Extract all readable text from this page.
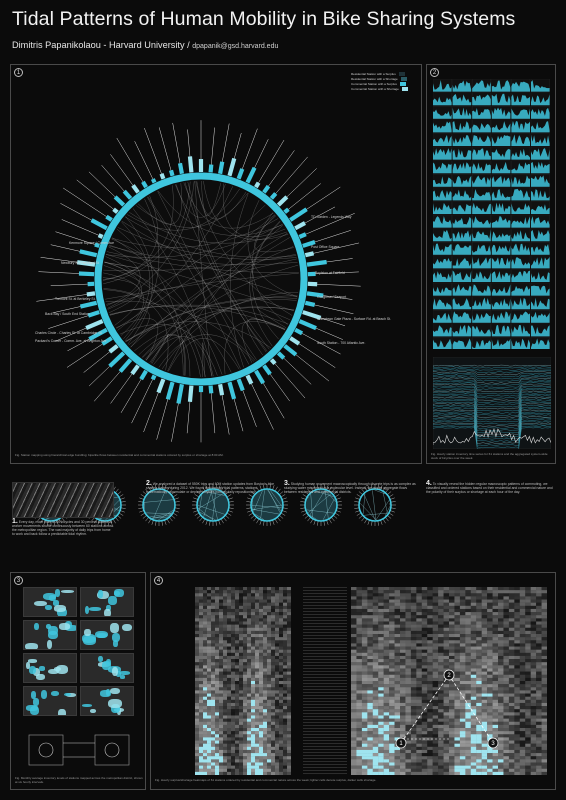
Tidal Patterns of Human Mobility in Bike Sharing Systems
Dimitris Papanikolaou - Harvard University / dpapanik@gsd.harvard.edu
1	Residential Station with a Surplus
Residential Station with a Shortage
Commercial Station with a Surplus
Commercial Station with a Shortage
Packard's Corner - Comm. Ave. at Brighton Ave
Charles Circle - Charles St. at Cambridge St.
Back Bay / South End Station
Tremont St. at Berkeley St.
Newbury St / Hereford St
Kenmore Square / Comm Ave
Congress / Seaport
Chinatown Gate Plaza - Surface Rd. at Beach St.
South Station - 700 Atlantic Ave.
Post Office Square
Boylston at Fairfield
TD Garden - Legends Way
Fig. Station mapping using hierarchical edge bundling; bipartite flows between residential and commercial stations colored by surplus or shortage at 8:00 AM.
2
Fig. Hourly station inventory time series for 61 stations and the aggregated system-wide stock of bicycles over the week.
1. Every day, more than 4,000 bicycles and 30 percent additional worker movements shuffle continuously between 60 stations across the metropolitan region. The vast majority of daily trips from home to work and back follow a predictable tidal rhythm.
2. We analyzed a dataset of 550K trips and 60M station updates from Boston's bike sharing system during 2012. We found that through tidal patterns, stations systematically accumulate or deplete bicycles, forcing daily repositioning.
3. Studying human movement macroscopically through discrete trips is as complex as studying water movement at a molecular level. Instead, we model aggregate flows between residential and commercial districts.
4. To visually reveal the hidden regular macroscopic patterns of commuting, we classified and ordered stations based on their residential and commercial nature and the polarity of their surplus or shortage at each hour of the day.
3
Fig. Monthly average inventory levels of stations mapped across the metropolitan district, shown at six hourly intervals.
4
1
2
3
Fig. Hourly surplus/shortage heatmaps of 61 stations ordered by residential and commercial nature across the week; lighter cells denote surplus, darker cells shortage.
